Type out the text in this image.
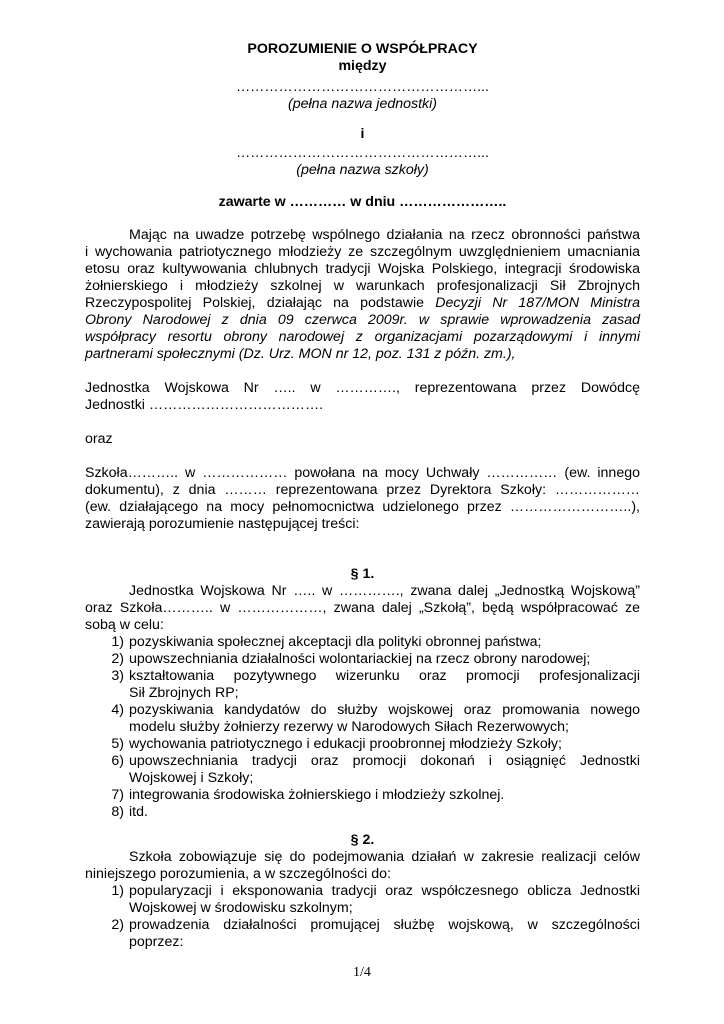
POROZUMIENIE O WSPÓŁPRACY
między
……………………………………………...
(pełna nazwa jednostki)
i
……………………………………………...
(pełna nazwa szkoły)
zawarte w ………… w dniu …………………..
Mając na uwadze potrzebę wspólnego działania na rzecz obronności państwa
i wychowania patriotycznego młodzieży ze szczególnym uwzględnieniem umacniania
etosu oraz kultywowania chlubnych tradycji Wojska Polskiego, integracji środowiska
żołnierskiego i młodzieży szkolnej w warunkach profesjonalizacji Sił Zbrojnych
Rzeczypospolitej Polskiej, działając na podstawie Decyzji Nr 187/MON Ministra
Obrony Narodowej z dnia 09 czerwca 2009r. w sprawie wprowadzenia zasad
współpracy resortu obrony narodowej z organizacjami pozarządowymi i innymi
partnerami społecznymi (Dz. Urz. MON nr 12, poz. 131 z późn. zm.),
Jednostka Wojskowa Nr ….. w …………., reprezentowana przez Dowódcę
Jednostki ……………………………….
oraz
Szkoła……….. w ……………… powołana na mocy Uchwały …………… (ew. innego
dokumentu), z dnia ……… reprezentowana przez Dyrektora Szkoły: ………………
(ew. działającego na mocy pełnomocnictwa udzielonego przez ……………………..),
zawierają porozumienie następującej treści:
§ 1.
Jednostka Wojskowa Nr ….. w …………., zwana dalej „Jednostką Wojskową”
oraz Szkoła……….. w ………………, zwana dalej „Szkołą”, będą współpracować ze
sobą w celu:
1) pozyskiwania społecznej akceptacji dla polityki obronnej państwa;
2) upowszechniania działalności wolontariackiej na rzecz obrony narodowej;
3) kształtowania pozytywnego wizerunku oraz promocji profesjonalizacji
Sił Zbrojnych RP;
4) pozyskiwania kandydatów do służby wojskowej oraz promowania nowego
modelu służby żołnierzy rezerwy w Narodowych Siłach Rezerwowych;
5) wychowania patriotycznego i edukacji proobronnej młodzieży Szkoły;
6) upowszechniania tradycji oraz promocji dokonań i osiągnięć Jednostki
Wojskowej i Szkoły;
7) integrowania środowiska żołnierskiego i młodzieży szkolnej.
8) itd.
§ 2.
Szkoła zobowiązuje się do podejmowania działań w zakresie realizacji celów
niniejszego porozumienia, a w szczególności do:
1) popularyzacji i eksponowania tradycji oraz współczesnego oblicza Jednostki
Wojskowej w środowisku szkolnym;
2) prowadzenia działalności promującej służbę wojskową, w szczególności
poprzez:
1/4
